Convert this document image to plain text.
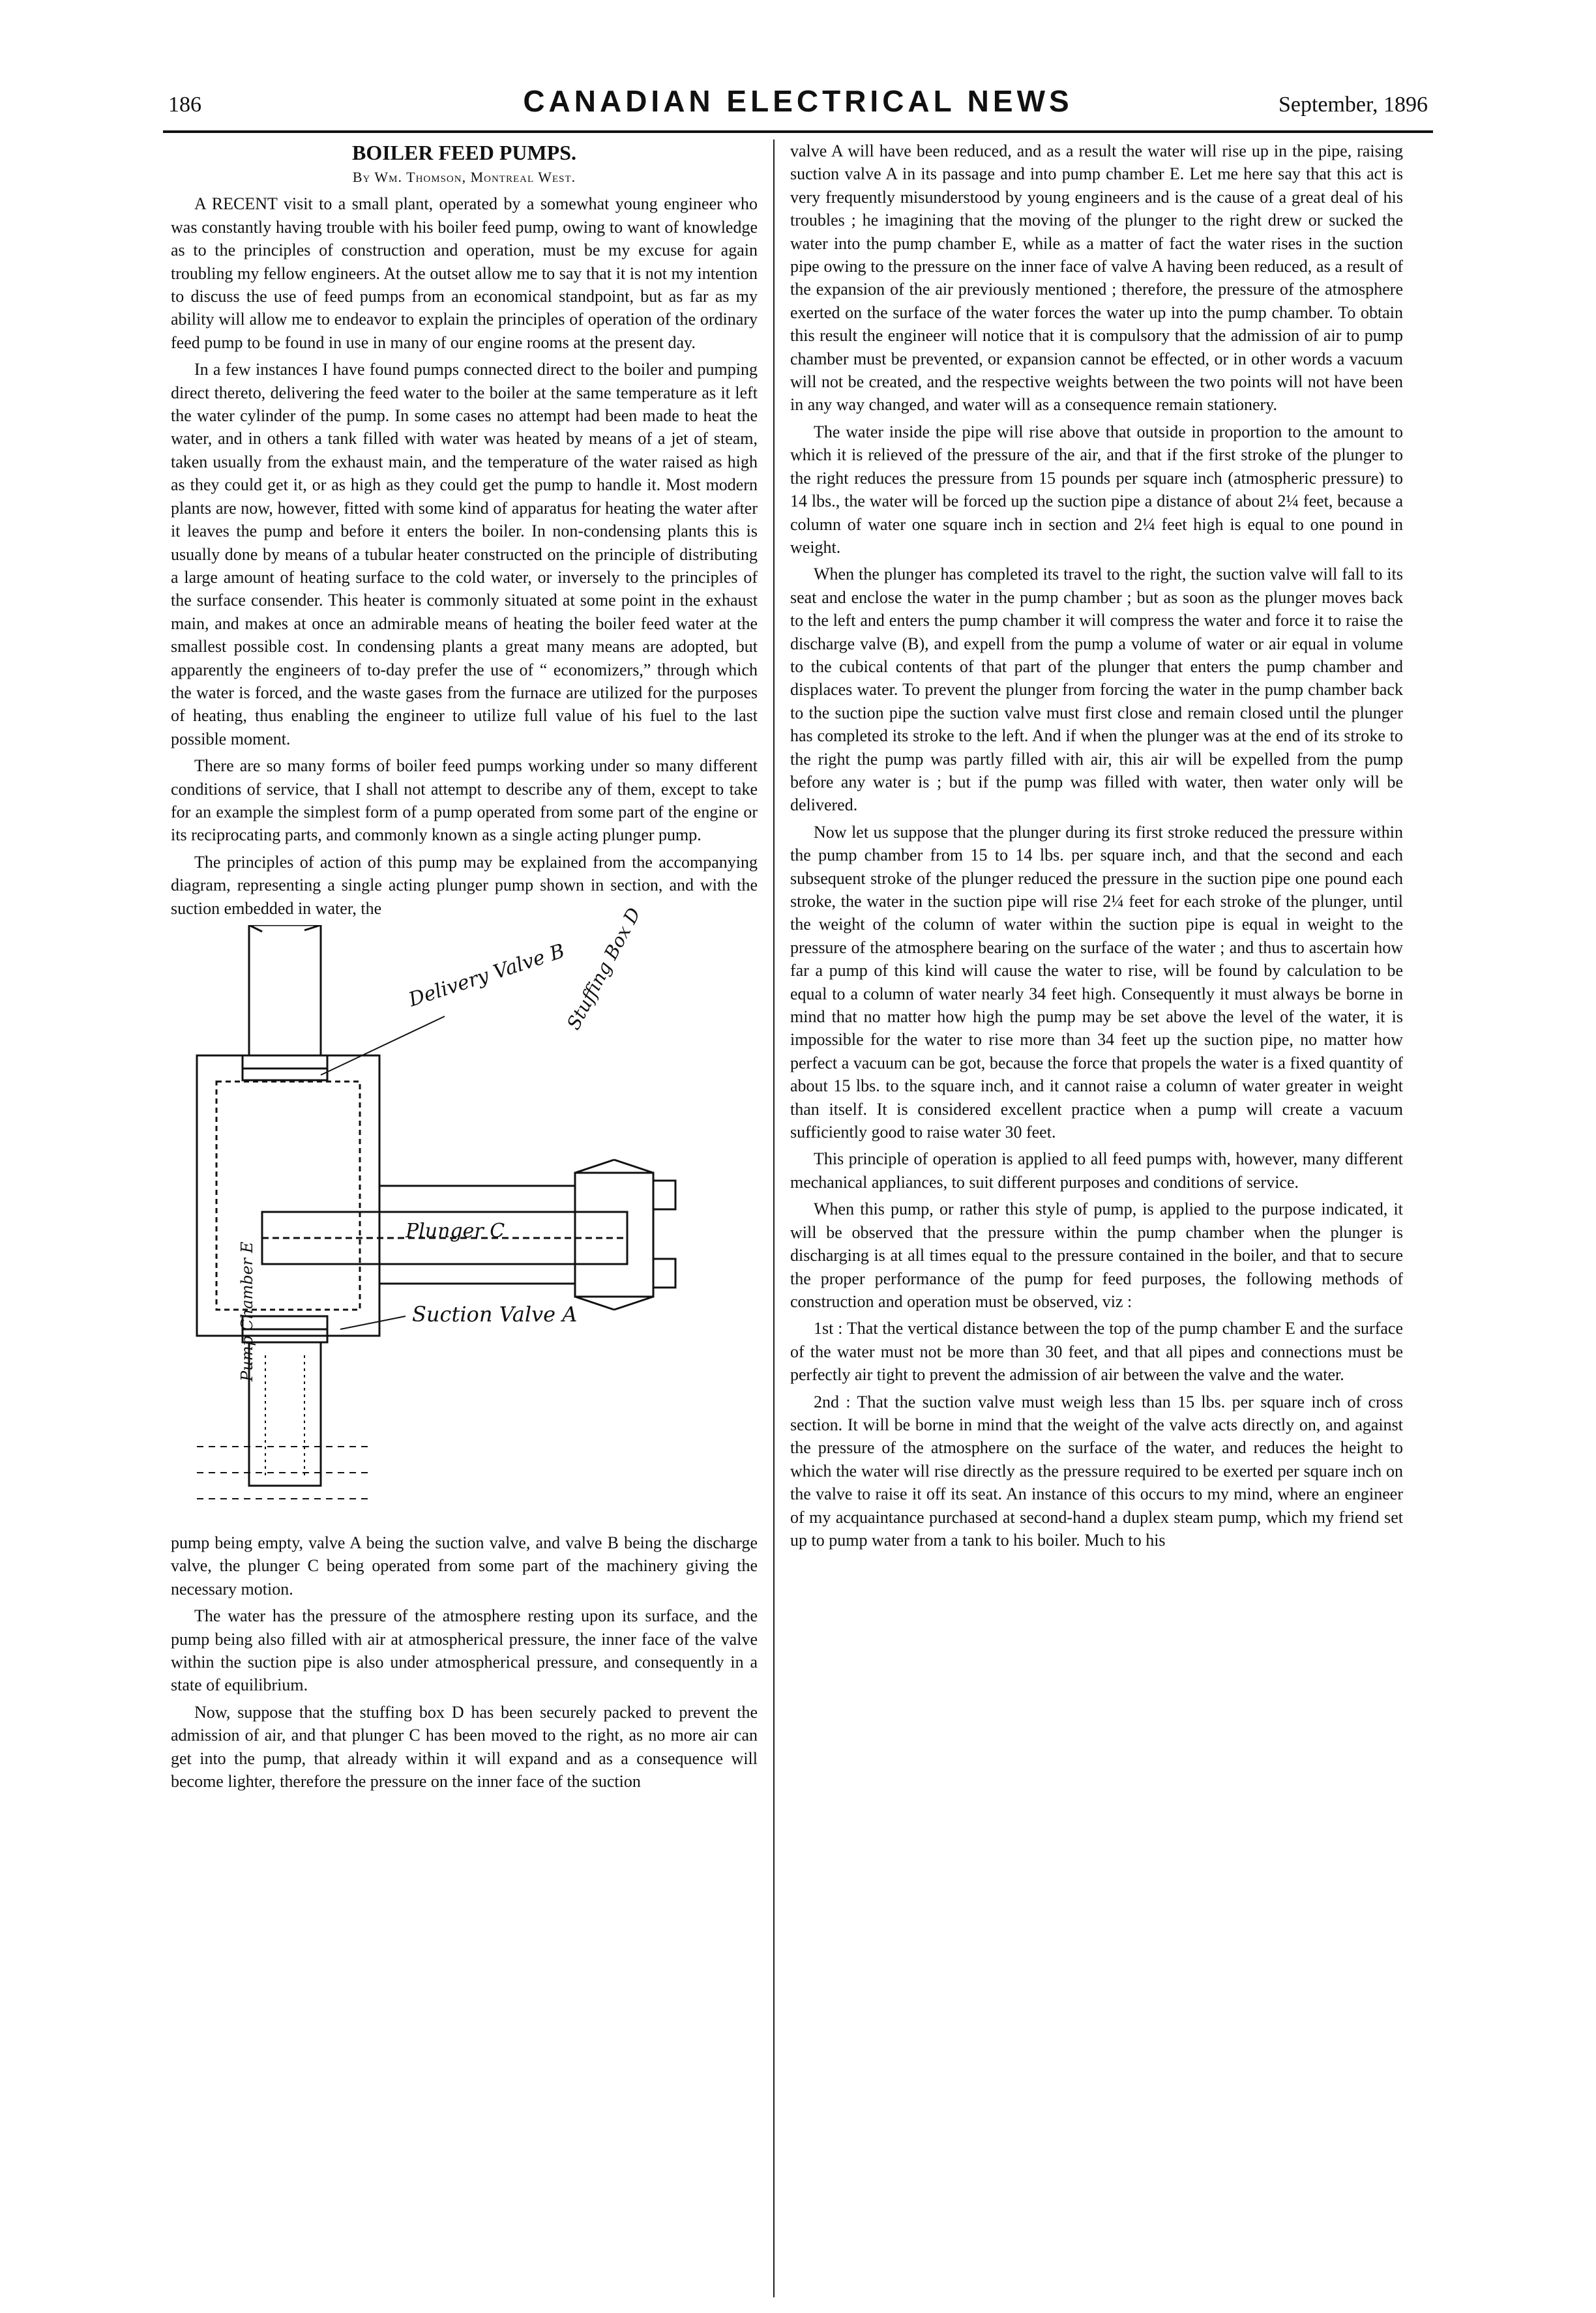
186	CANADIAN ELECTRICAL NEWS	September, 1896
BOILER FEED PUMPS.
By Wm. Thomson, Montreal West.

A RECENT visit to a small plant, operated by a somewhat young engineer who was constantly having trouble with his boiler feed pump, owing to want of knowledge as to the principles of construction and operation, must be my excuse for again troubling my fellow engineers. At the outset allow me to say that it is not my intention to discuss the use of feed pumps from an economical standpoint, but as far as my ability will allow me to endeavor to explain the principles of operation of the ordinary feed pump to be found in use in many of our engine rooms at the present day.

In a few instances I have found pumps connected direct to the boiler and pumping direct thereto, delivering the feed water to the boiler at the same temperature as it left the water cylinder of the pump. In some cases no attempt had been made to heat the water, and in others a tank filled with water was heated by means of a jet of steam, taken usually from the exhaust main, and the temperature of the water raised as high as they could get it, or as high as they could get the pump to handle it. Most modern plants are now, however, fitted with some kind of apparatus for heating the water after it leaves the pump and before it enters the boiler. In non-condensing plants this is usually done by means of a tubular heater constructed on the principle of distributing a large amount of heating surface to the cold water, or inversely to the principles of the surface consender. This heater is commonly situated at some point in the exhaust main, and makes at once an admirable means of heating the boiler feed water at the smallest possible cost. In condensing plants a great many means are adopted, but apparently the engineers of to-day prefer the use of “ economizers,” through which the water is forced, and the waste gases from the furnace are utilized for the purposes of heating, thus enabling the engineer to utilize full value of his fuel to the last possible moment.

There are so many forms of boiler feed pumps working under so many different conditions of service, that I shall not attempt to describe any of them, except to take for an example the simplest form of a pump operated from some part of the engine or its reciprocating parts, and commonly known as a single acting plunger pump.

The principles of action of this pump may be explained from the accompanying diagram, representing a single acting plunger pump shown in section, and with the suction embedded in water, the

Delivery Valve B
Stuffing Box D
Plunger C
Suction Valve A
Pump Chamber E

pump being empty, valve A being the suction valve, and valve B being the discharge valve, the plunger C being operated from some part of the machinery giving the necessary motion.

The water has the pressure of the atmosphere resting upon its surface, and the pump being also filled with air at atmospherical pressure, the inner face of the valve within the suction pipe is also under atmospherical pressure, and consequently in a state of equilibrium.

Now, suppose that the stuffing box D has been securely packed to prevent the admission of air, and that plunger C has been moved to the right, as no more air can get into the pump, that already within it will expand and as a consequence will become lighter, therefore the pressure on the inner face of the suction

valve A will have been reduced, and as a result the water will rise up in the pipe, raising suction valve A in its passage and into pump chamber E. Let me here say that this act is very frequently misunderstood by young engineers and is the cause of a great deal of his troubles ; he imagining that the moving of the plunger to the right drew or sucked the water into the pump chamber E, while as a matter of fact the water rises in the suction pipe owing to the pressure on the inner face of valve A having been reduced, as a result of the expansion of the air previously mentioned ; therefore, the pressure of the atmosphere exerted on the surface of the water forces the water up into the pump chamber. To obtain this result the engineer will notice that it is compulsory that the admission of air to pump chamber must be prevented, or expansion cannot be effected, or in other words a vacuum will not be created, and the respective weights between the two points will not have been in any way changed, and water will as a consequence remain stationery.

The water inside the pipe will rise above that outside in proportion to the amount to which it is relieved of the pressure of the air, and that if the first stroke of the plunger to the right reduces the pressure from 15 pounds per square inch (atmospheric pressure) to 14 lbs., the water will be forced up the suction pipe a distance of about 2¼ feet, because a column of water one square inch in section and 2¼ feet high is equal to one pound in weight.

When the plunger has completed its travel to the right, the suction valve will fall to its seat and enclose the water in the pump chamber ; but as soon as the plunger moves back to the left and enters the pump chamber it will compress the water and force it to raise the discharge valve (B), and expell from the pump a volume of water or air equal in volume to the cubical contents of that part of the plunger that enters the pump chamber and displaces water. To prevent the plunger from forcing the water in the pump chamber back to the suction pipe the suction valve must first close and remain closed until the plunger has completed its stroke to the left. And if when the plunger was at the end of its stroke to the right the pump was partly filled with air, this air will be expelled from the pump before any water is ; but if the pump was filled with water, then water only will be delivered.

Now let us suppose that the plunger during its first stroke reduced the pressure within the pump chamber from 15 to 14 lbs. per square inch, and that the second and each subsequent stroke of the plunger reduced the pressure in the suction pipe one pound each stroke, the water in the suction pipe will rise 2¼ feet for each stroke of the plunger, until the weight of the column of water within the suction pipe is equal in weight to the pressure of the atmosphere bearing on the surface of the water ; and thus to ascertain how far a pump of this kind will cause the water to rise, will be found by calculation to be equal to a column of water nearly 34 feet high. Consequently it must always be borne in mind that no matter how high the pump may be set above the level of the water, it is impossible for the water to rise more than 34 feet up the suction pipe, no matter how perfect a vacuum can be got, because the force that propels the water is a fixed quantity of about 15 lbs. to the square inch, and it cannot raise a column of water greater in weight than itself. It is considered excellent practice when a pump will create a vacuum sufficiently good to raise water 30 feet.

This principle of operation is applied to all feed pumps with, however, many different mechanical appliances, to suit different purposes and conditions of service.

When this pump, or rather this style of pump, is applied to the purpose indicated, it will be observed that the pressure within the pump chamber when the plunger is discharging is at all times equal to the pressure contained in the boiler, and that to secure the proper performance of the pump for feed purposes, the following methods of construction and operation must be observed, viz :

1st : That the vertical distance between the top of the pump chamber E and the surface of the water must not be more than 30 feet, and that all pipes and connections must be perfectly air tight to prevent the admission of air between the valve and the water.

2nd : That the suction valve must weigh less than 15 lbs. per square inch of cross section. It will be borne in mind that the weight of the valve acts directly on, and against the pressure of the atmosphere on the surface of the water, and reduces the height to which the water will rise directly as the pressure required to be exerted per square inch on the valve to raise it off its seat. An instance of this occurs to my mind, where an engineer of my acquaintance purchased at second-hand a duplex steam pump, which my friend set up to pump water from a tank to his boiler. Much to his
